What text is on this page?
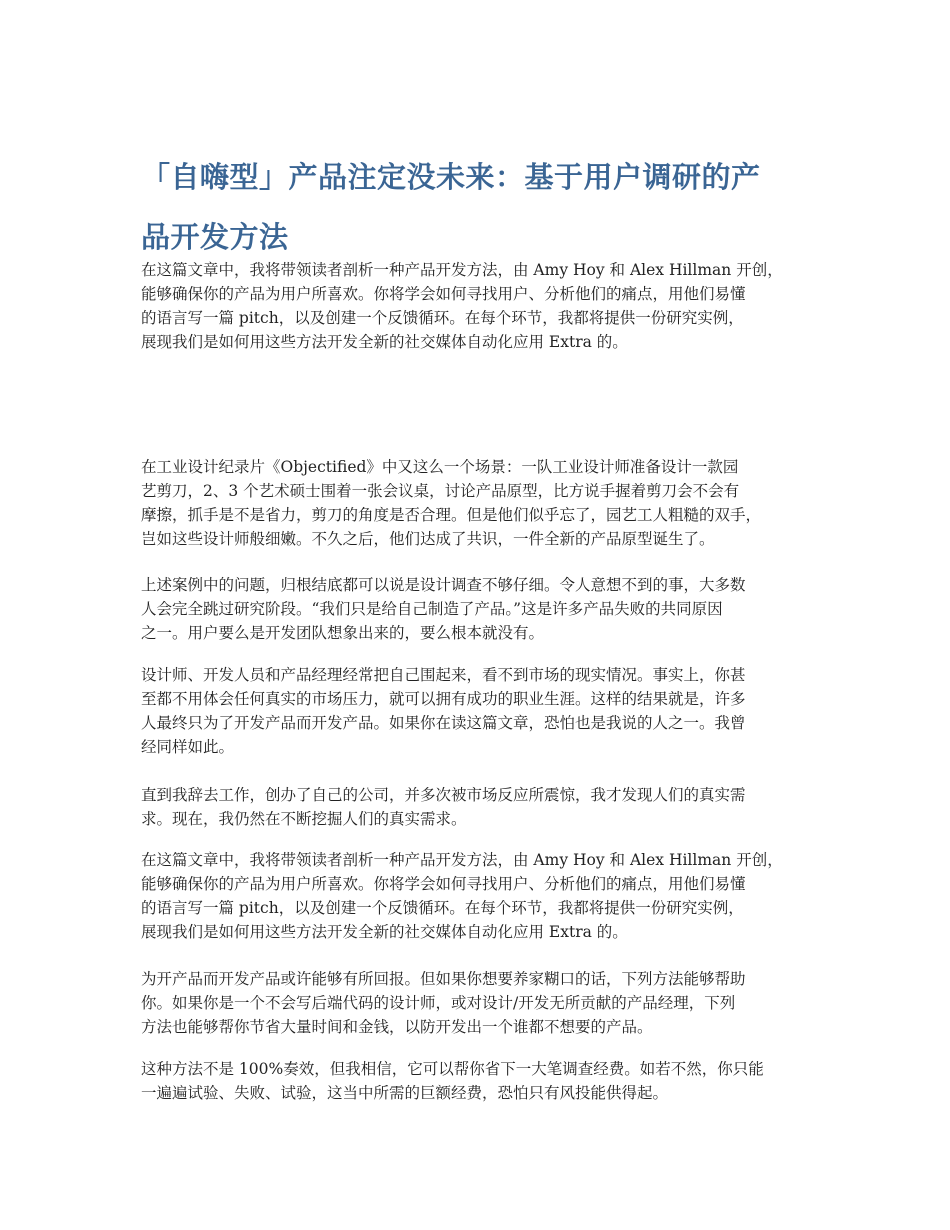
「自嗨型」产品注定没未来：基于用户调研的产
品开发方法
在这篇文章中，我将带领读者剖析一种产品开发方法，由 Amy Hoy 和 Alex Hillman 开创，
能够确保你的产品为用户所喜欢。你将学会如何寻找用户、分析他们的痛点，用他们易懂
的语言写一篇 pitch，以及创建一个反馈循环。在每个环节，我都将提供一份研究实例，
展现我们是如何用这些方法开发全新的社交媒体自动化应用 Extra 的。
在工业设计纪录片《Objectified》中又这么一个场景：一队工业设计师准备设计一款园
艺剪刀，2、3 个艺术硕士围着一张会议桌，讨论产品原型，比方说手握着剪刀会不会有
摩擦，抓手是不是省力，剪刀的角度是否合理。但是他们似乎忘了，园艺工人粗糙的双手，
岂如这些设计师般细嫩。不久之后，他们达成了共识，一件全新的产品原型诞生了。
上述案例中的问题，归根结底都可以说是设计调查不够仔细。令人意想不到的事，大多数
人会完全跳过研究阶段。“我们只是给自己制造了产品。”这是许多产品失败的共同原因
之一。用户要么是开发团队想象出来的，要么根本就没有。
设计师、开发人员和产品经理经常把自己围起来，看不到市场的现实情况。事实上，你甚
至都不用体会任何真实的市场压力，就可以拥有成功的职业生涯。这样的结果就是，许多
人最终只为了开发产品而开发产品。如果你在读这篇文章，恐怕也是我说的人之一。我曾
经同样如此。
直到我辞去工作，创办了自己的公司，并多次被市场反应所震惊，我才发现人们的真实需
求。现在，我仍然在不断挖掘人们的真实需求。
在这篇文章中，我将带领读者剖析一种产品开发方法，由 Amy Hoy 和 Alex Hillman 开创，
能够确保你的产品为用户所喜欢。你将学会如何寻找用户、分析他们的痛点，用他们易懂
的语言写一篇 pitch，以及创建一个反馈循环。在每个环节，我都将提供一份研究实例，
展现我们是如何用这些方法开发全新的社交媒体自动化应用 Extra 的。
为开产品而开发产品或许能够有所回报。但如果你想要养家糊口的话，下列方法能够帮助
你。如果你是一个不会写后端代码的设计师，或对设计/开发无所贡献的产品经理，下列
方法也能够帮你节省大量时间和金钱，以防开发出一个谁都不想要的产品。
这种方法不是 100%奏效，但我相信，它可以帮你省下一大笔调查经费。如若不然，你只能
一遍遍试验、失败、试验，这当中所需的巨额经费，恐怕只有风投能供得起。
